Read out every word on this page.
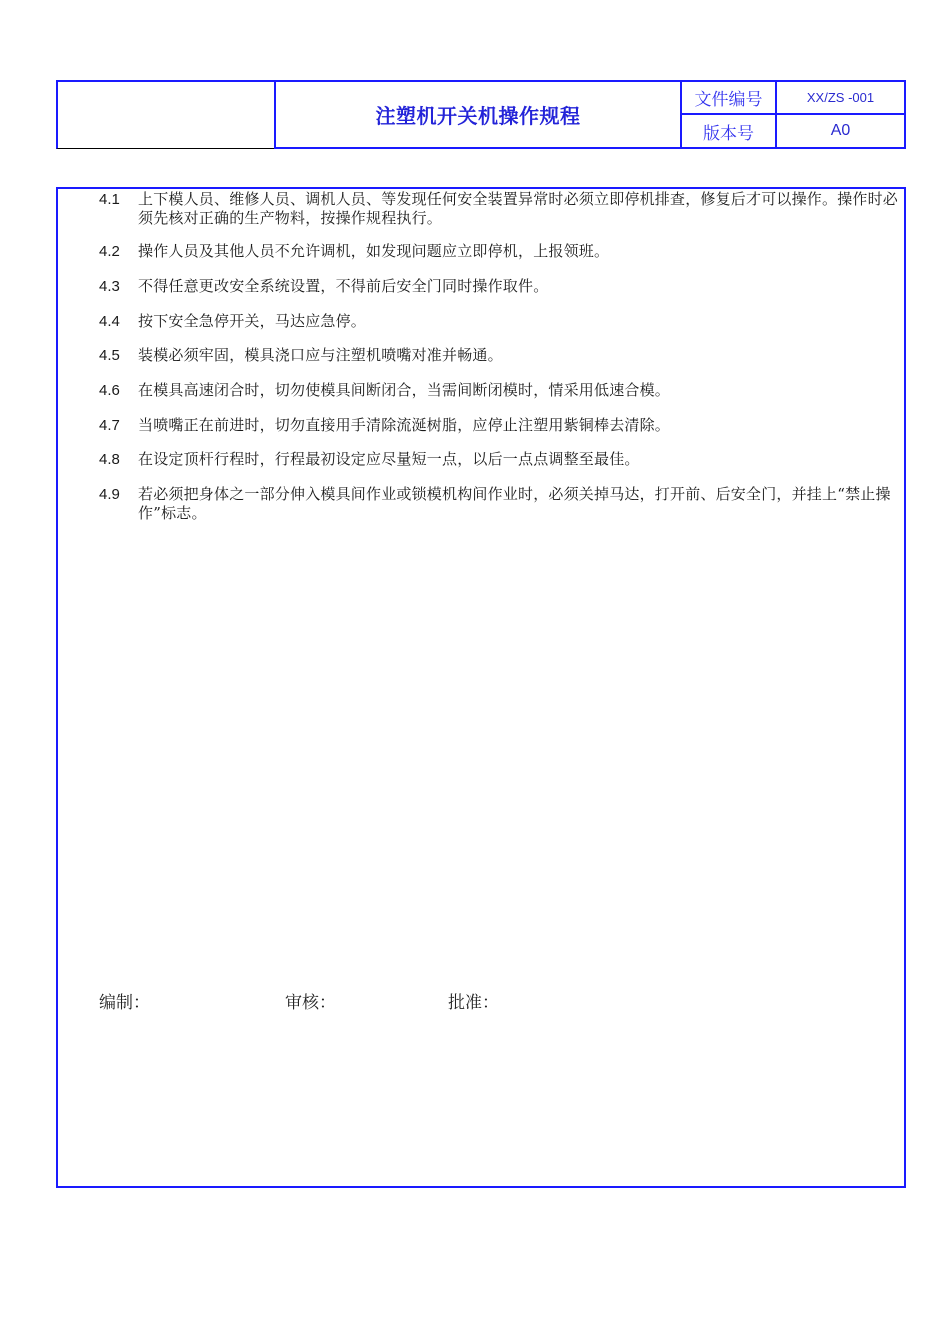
注塑机开关机操作规程
文件编号	XX/ZS -001
版本号	A0
4.1	上下模人员、维修人员、调机人员、等发现任何安全装置异常时必须立即停机排查，修复后才可以操作。操作时必须先核对正确的生产物料，按操作规程执行。
4.2	操作人员及其他人员不允许调机，如发现问题应立即停机，上报领班。
4.3	不得任意更改安全系统设置，不得前后安全门同时操作取件。
4.4	按下安全急停开关，马达应急停。
4.5	装模必须牢固，模具浇口应与注塑机喷嘴对准并畅通。
4.6	在模具高速闭合时，切勿使模具间断闭合，当需间断闭模时，情采用低速合模。
4.7	当喷嘴正在前进时，切勿直接用手清除流涎树脂，应停止注塑用紫铜棒去清除。
4.8	在设定顶杆行程时，行程最初设定应尽量短一点，以后一点点调整至最佳。
4.9	若必须把身体之一部分伸入模具间作业或锁模机构间作业时，必须关掉马达，打开前、后安全门，并挂上“禁止操作”标志。
编制：	审核：	批准：
